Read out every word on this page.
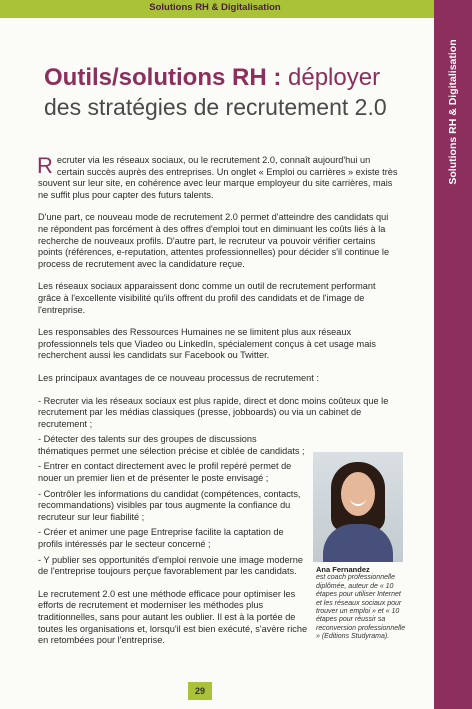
Solutions RH & Digitalisation
Solutions RH & Digitalisation
Outils/solutions RH : déployer
des stratégies de recrutement 2.0

R ecruter via les réseaux sociaux, ou le recrutement 2.0, connaît aujourd'hui un certain succès auprès des entreprises. Un onglet « Emploi ou carrières » existe très souvent sur leur site, en cohérence avec leur marque employeur du site carrières, mais ne suffit plus pour capter des futurs talents.

D'une part, ce nouveau mode de recrutement 2.0 permet d'atteindre des candidats qui ne répondent pas forcément à des offres d'emploi tout en diminuant les coûts liés à la recherche de nouveaux profils. D'autre part, le recruteur va pouvoir vérifier certains points (références, e-reputation, attentes professionnelles) pour décider s'il continue le process de recrutement avec la candidature reçue.

Les réseaux sociaux apparaissent donc comme un outil de recrutement performant grâce à l'excellente visibilité qu'ils offrent du profil des candidats et de l'image de l'entreprise.

Les responsables des Ressources Humaines ne se limitent plus aux réseaux professionnels tels que Viadeo ou LinkedIn, spécialement conçus à cet usage mais recherchent aussi les candidats sur Facebook ou Twitter.

Les principaux avantages de ce nouveau processus de recrutement :

- Recruter via les réseaux sociaux est plus rapide, direct et donc moins coûteux que le recrutement par les médias classiques (presse, jobboards) ou via un cabinet de recrutement ;
- Détecter des talents sur des groupes de discussions thématiques permet une sélection précise et ciblée de candidats ;
- Entrer en contact directement avec le profil repéré permet de nouer un premier lien et de présenter le poste envisagé ;
- Contrôler les informations du candidat (compétences, contacts, recommandations) visibles par tous augmente la confiance du recruteur sur leur fiabilité ;
- Créer et animer une page Entreprise facilite la captation de profils intéressés par le secteur concerné ;
- Y publier ses opportunités d'emploi renvoie une image moderne de l'entreprise toujours perçue favorablement par les candidats.

Le recrutement 2.0 est une méthode efficace pour optimiser les efforts de recrutement et moderniser les méthodes plus traditionnelles, sans pour autant les oublier. Il est à la portée de toutes les organisations et, lorsqu'il est bien exécuté, s'avère riche en retombées pour l'entreprise.

Ana Fernandez
est coach professionnelle diplômée, auteur de « 10 étapes pour utiliser Internet et les réseaux sociaux pour trouver un emploi » et « 10 étapes pour réussir sa reconversion professionnelle » (Editions Studyrama).
29
